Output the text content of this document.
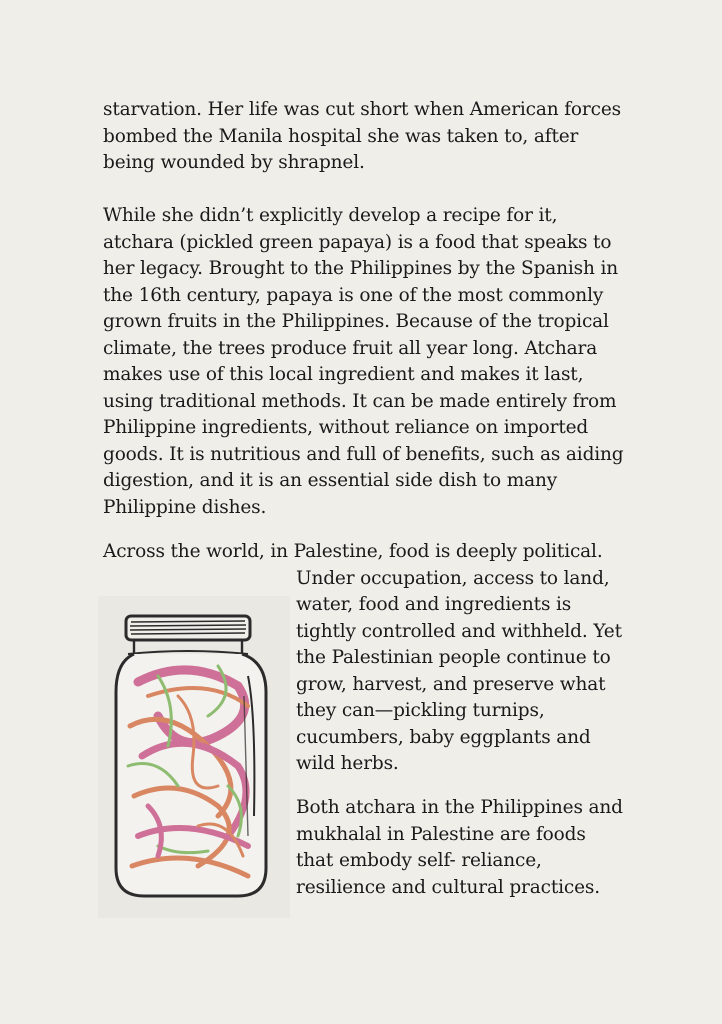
starvation. Her life was cut short when American forces
bombed the Manila hospital she was taken to, after
being wounded by shrapnel.
While she didn’t explicitly develop a recipe for it,
atchara (pickled green papaya) is a food that speaks to
her legacy. Brought to the Philippines by the Spanish in
the 16th century, papaya is one of the most commonly
grown fruits in the Philippines. Because of the tropical
climate, the trees produce fruit all year long. Atchara
makes use of this local ingredient and makes it last,
using traditional methods. It can be made entirely from
Philippine ingredients, without reliance on imported
goods. It is nutritious and full of benefits, such as aiding
digestion, and it is an essential side dish to many
Philippine dishes.
Across the world, in Palestine, food is deeply political.
Under occupation, access to land,
water, food and ingredients is
tightly controlled and withheld. Yet
the Palestinian people continue to
grow, harvest, and preserve what
they can—pickling turnips,
cucumbers, baby eggplants and
wild herbs.
Both atchara in the Philippines and
mukhalal in Palestine are foods
that embody self- reliance,
resilience and cultural practices.
